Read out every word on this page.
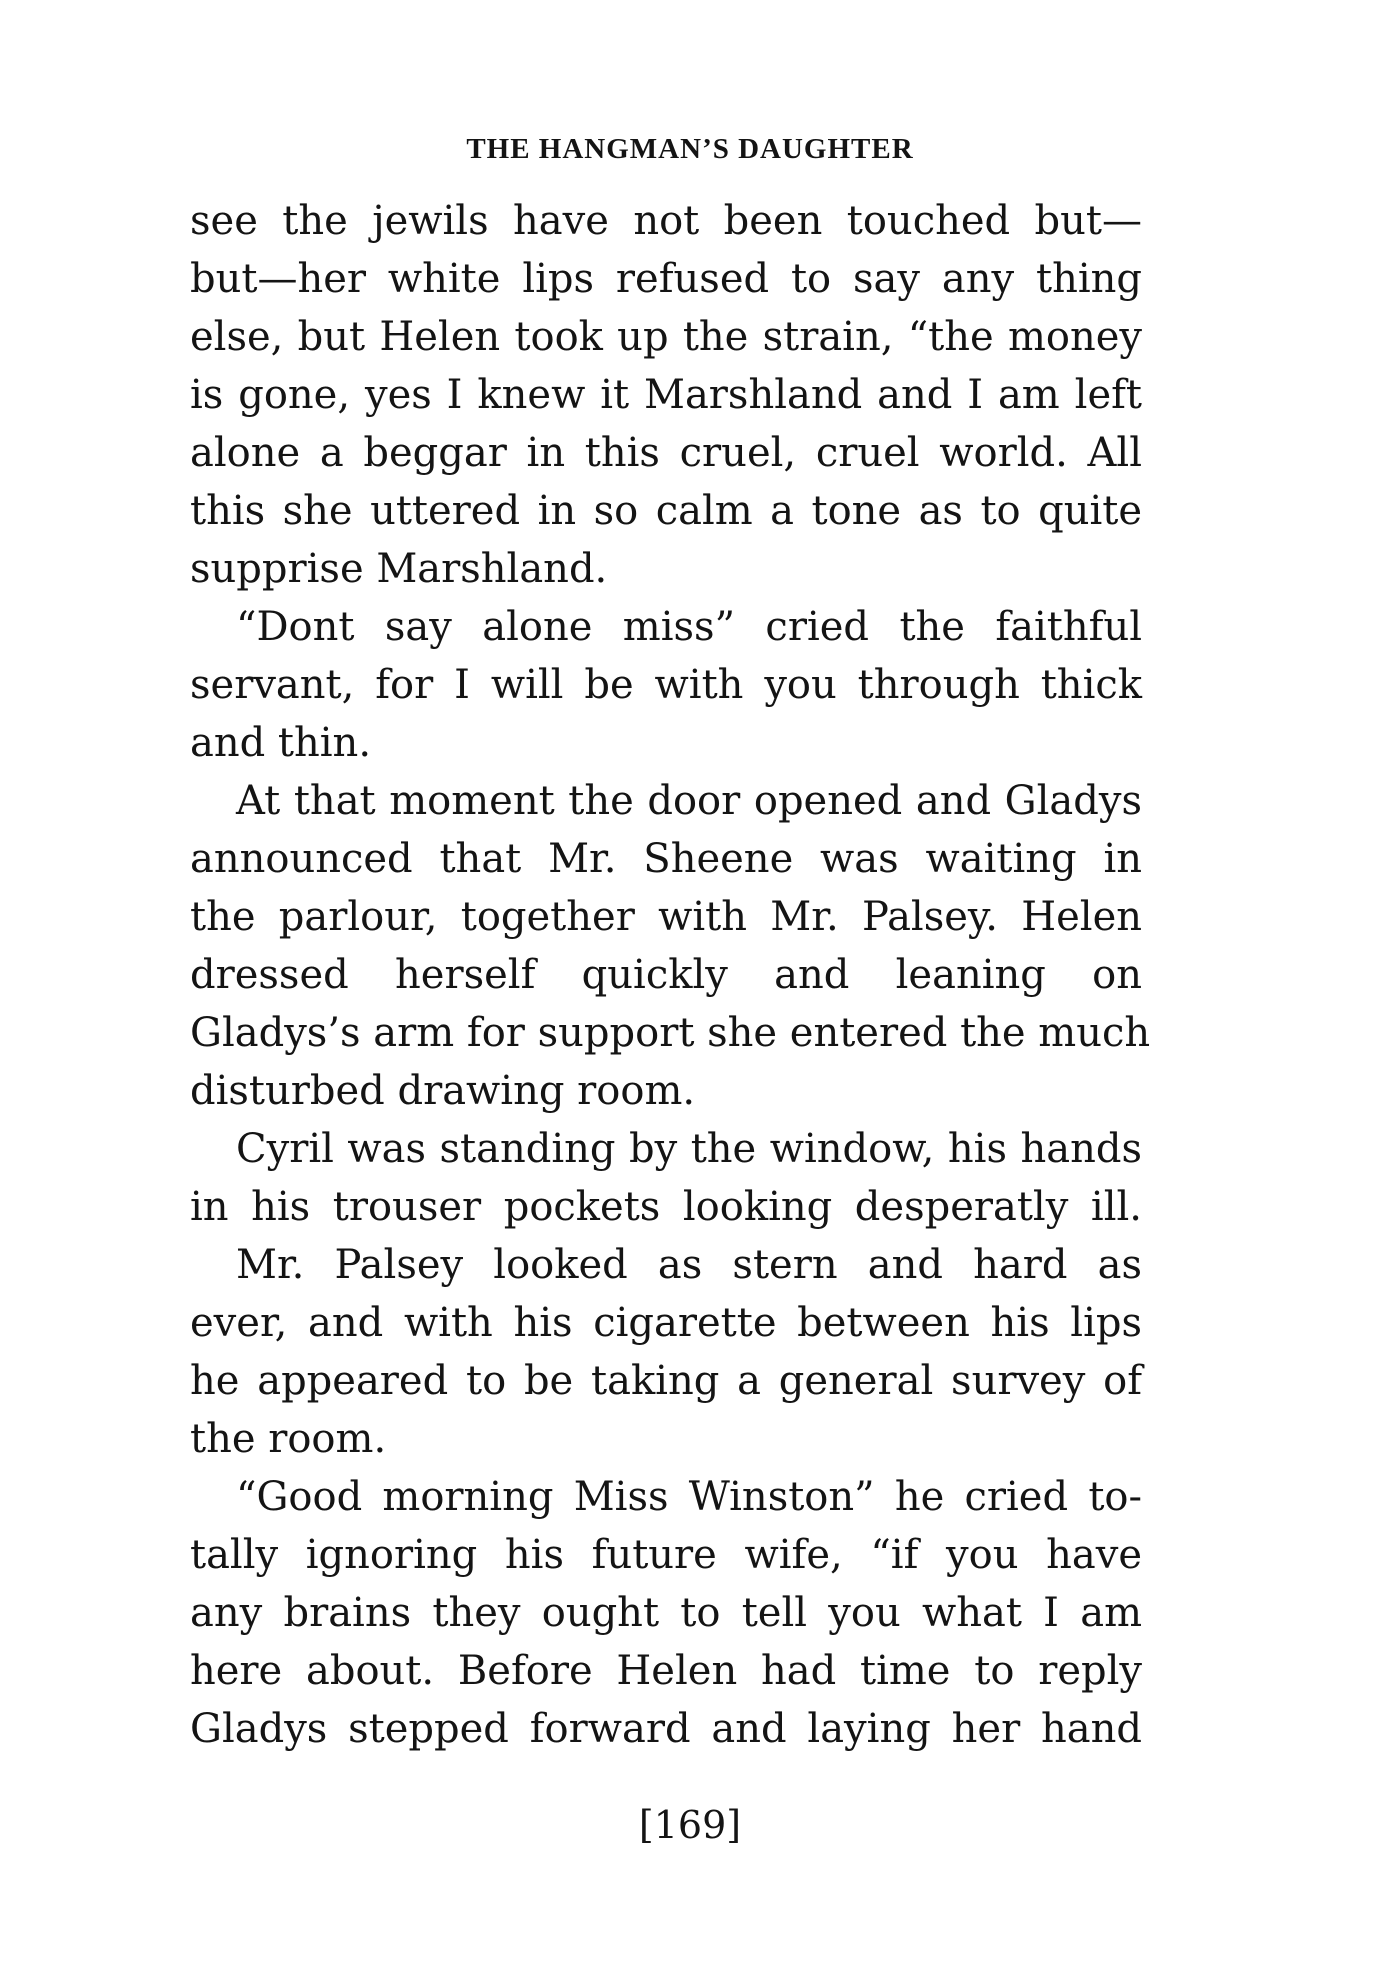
THE HANGMAN’S DAUGHTER
see the jewils have not been touched but—
but—her white lips refused to say any thing
else, but Helen took up the strain, “the money
is gone, yes I knew it Marshland and I am left
alone a beggar in this cruel, cruel world. All
this she uttered in so calm a tone as to quite
supprise Marshland.
“Dont say alone miss” cried the faithful
servant, for I will be with you through thick
and thin.
At that moment the door opened and Gladys
announced that Mr. Sheene was waiting in
the parlour, together with Mr. Palsey. Helen
dressed herself quickly and leaning on
Gladys’s arm for support she entered the much
disturbed drawing room.
Cyril was standing by the window, his hands
in his trouser pockets looking desperatly ill.
Mr. Palsey looked as stern and hard as
ever, and with his cigarette between his lips
he appeared to be taking a general survey of
the room.
“Good morning Miss Winston” he cried to-
tally ignoring his future wife, “if you have
any brains they ought to tell you what I am
here about. Before Helen had time to reply
Gladys stepped forward and laying her hand
[169]
